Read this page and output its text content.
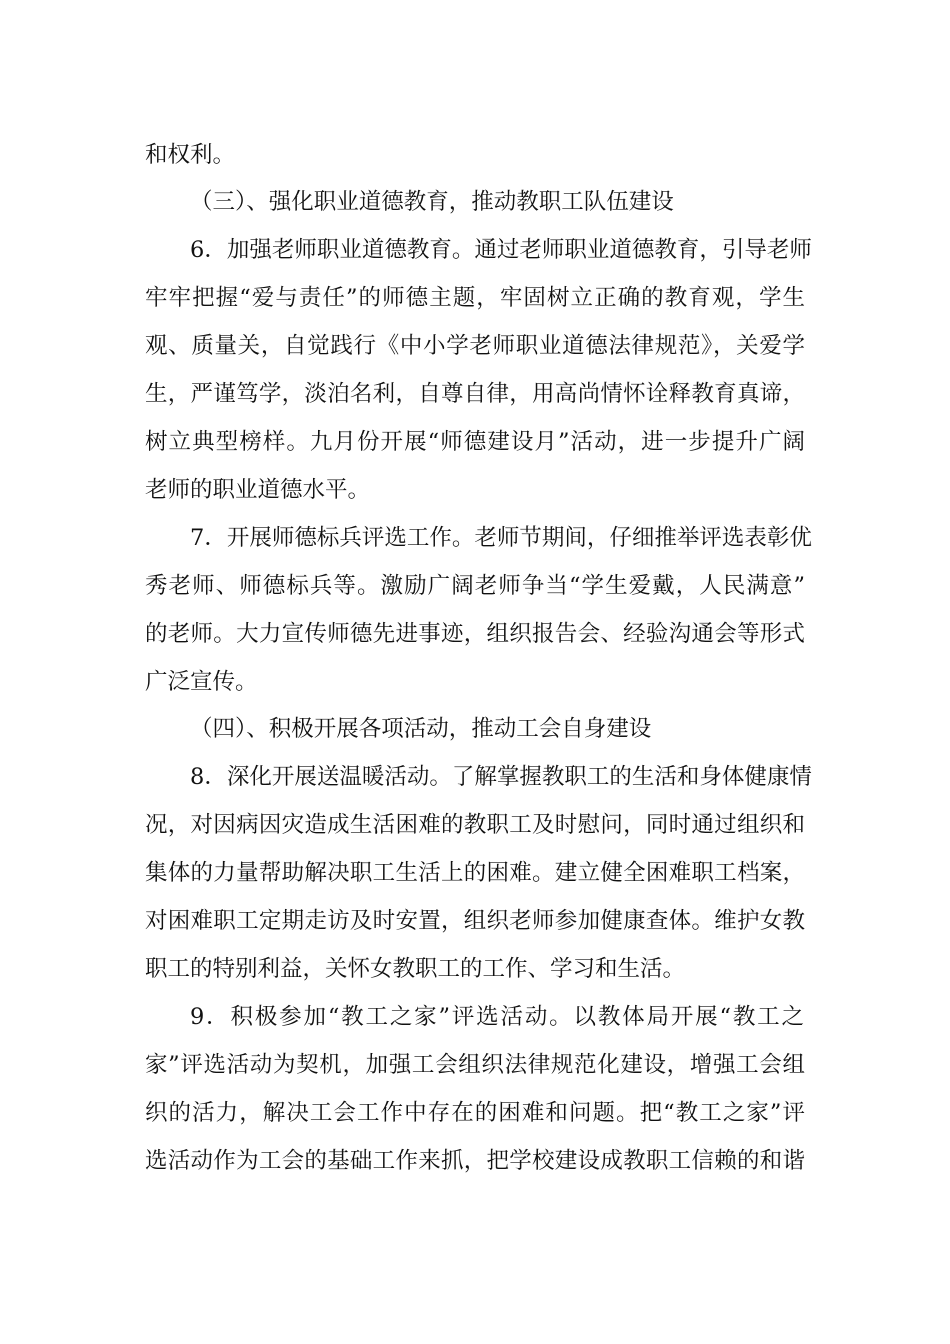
和权利。
（三）、强化职业道德教育，推动教职工队伍建设
6．加强老师职业道德教育。通过老师职业道德教育，引导老师
牢牢把握“爱与责任”的师德主题，牢固树立正确的教育观，学生
观、质量关，自觉践行《中小学老师职业道德法律规范》，关爱学
生，严谨笃学，淡泊名利，自尊自律，用高尚情怀诠释教育真谛，
树立典型榜样。九月份开展“师德建设月”活动，进一步提升广阔
老师的职业道德水平。
7．开展师德标兵评选工作。老师节期间，仔细推举评选表彰优
秀老师、师德标兵等。激励广阔老师争当“学生爱戴，人民满意”
的老师。大力宣传师德先进事迹，组织报告会、经验沟通会等形式
广泛宣传。
（四）、积极开展各项活动，推动工会自身建设
8．深化开展送温暖活动。了解掌握教职工的生活和身体健康情
况，对因病因灾造成生活困难的教职工及时慰问，同时通过组织和
集体的力量帮助解决职工生活上的困难。建立健全困难职工档案，
对困难职工定期走访及时安置，组织老师参加健康查体。维护女教
职工的特别利益，关怀女教职工的工作、学习和生活。
9．积极参加“教工之家”评选活动。以教体局开展“教工之
家”评选活动为契机，加强工会组织法律规范化建设，增强工会组
织的活力，解决工会工作中存在的困难和问题。把“教工之家”评
选活动作为工会的基础工作来抓，把学校建设成教职工信赖的和谐
